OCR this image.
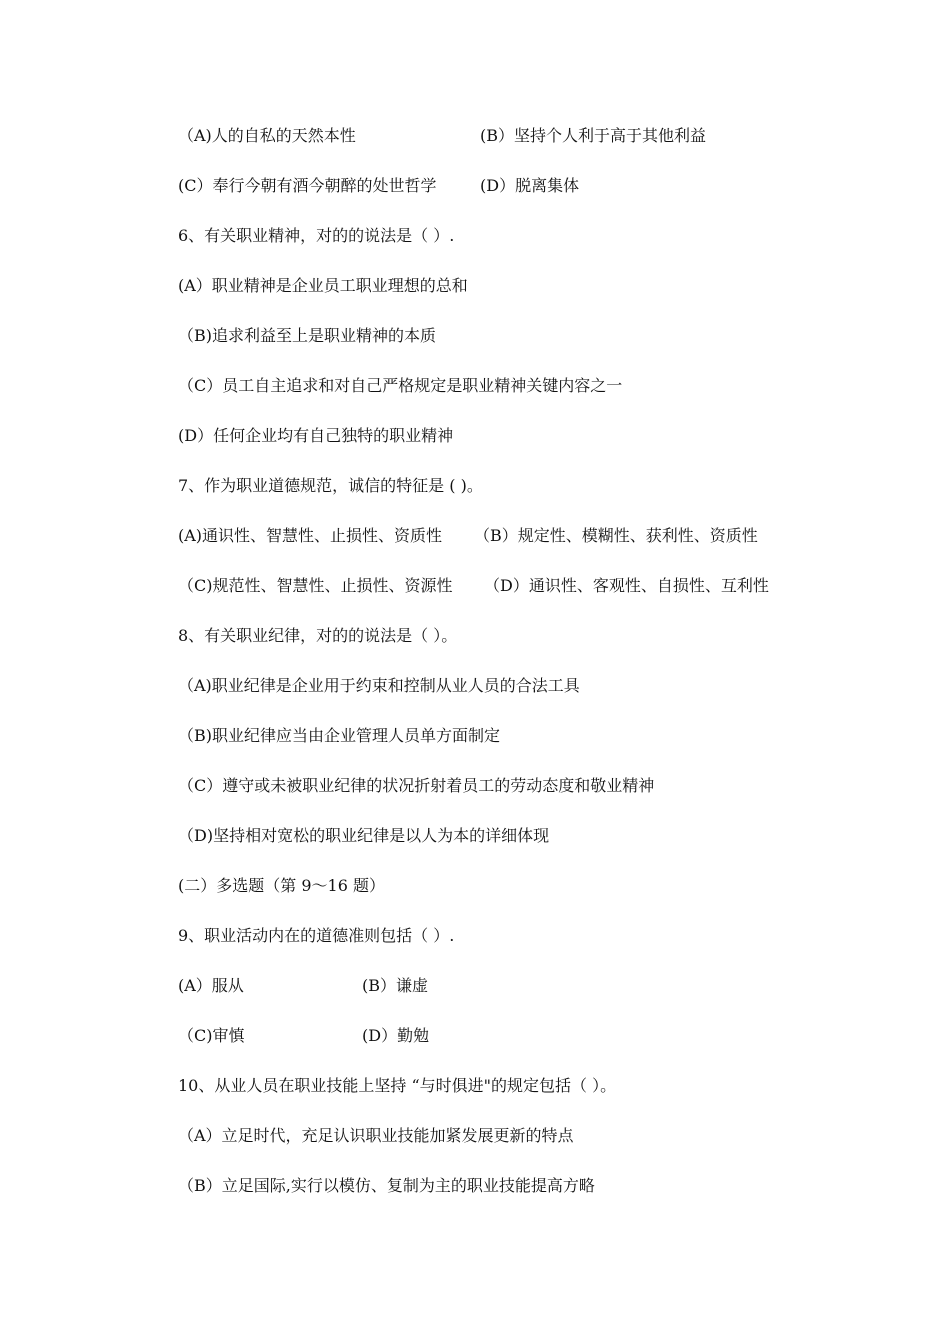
（A)人的自私的天然本性	(B）坚持个人利于高于其他利益
(C）奉行今朝有酒今朝醉的处世哲学	(D）脱离集体
6、有关职业精神，对的的说法是（ ）.
(A）职业精神是企业员工职业理想的总和
（B)追求利益至上是职业精神的本质
（C）员工自主追求和对自己严格规定是职业精神关键内容之一
(D）任何企业均有自己独特的职业精神
7、作为职业道德规范，诚信的特征是 ( )。
(A)通识性、智慧性、止损性、资质性 （B）规定性、模糊性、获利性、资质性
（C)规范性、智慧性、止损性、资源性 （D）通识性、客观性、自损性、互利性
8、有关职业纪律，对的的说法是（ ）。
（A)职业纪律是企业用于约束和控制从业人员的合法工具
（B)职业纪律应当由企业管理人员单方面制定
（C）遵守或未被职业纪律的状况折射着员工的劳动态度和敬业精神
（D)坚持相对宽松的职业纪律是以人为本的详细体现
(二）多选题（第 9～16 题）
9、职业活动内在的道德准则包括（ ）.
(A）服从	(B）谦虚
（C)审慎	(D）勤勉
10、从业人员在职业技能上坚持 “与时俱进"的规定包括（ ）。
（A）立足时代，充足认识职业技能加紧发展更新的特点
（B）立足国际,实行以模仿、复制为主的职业技能提高方略
